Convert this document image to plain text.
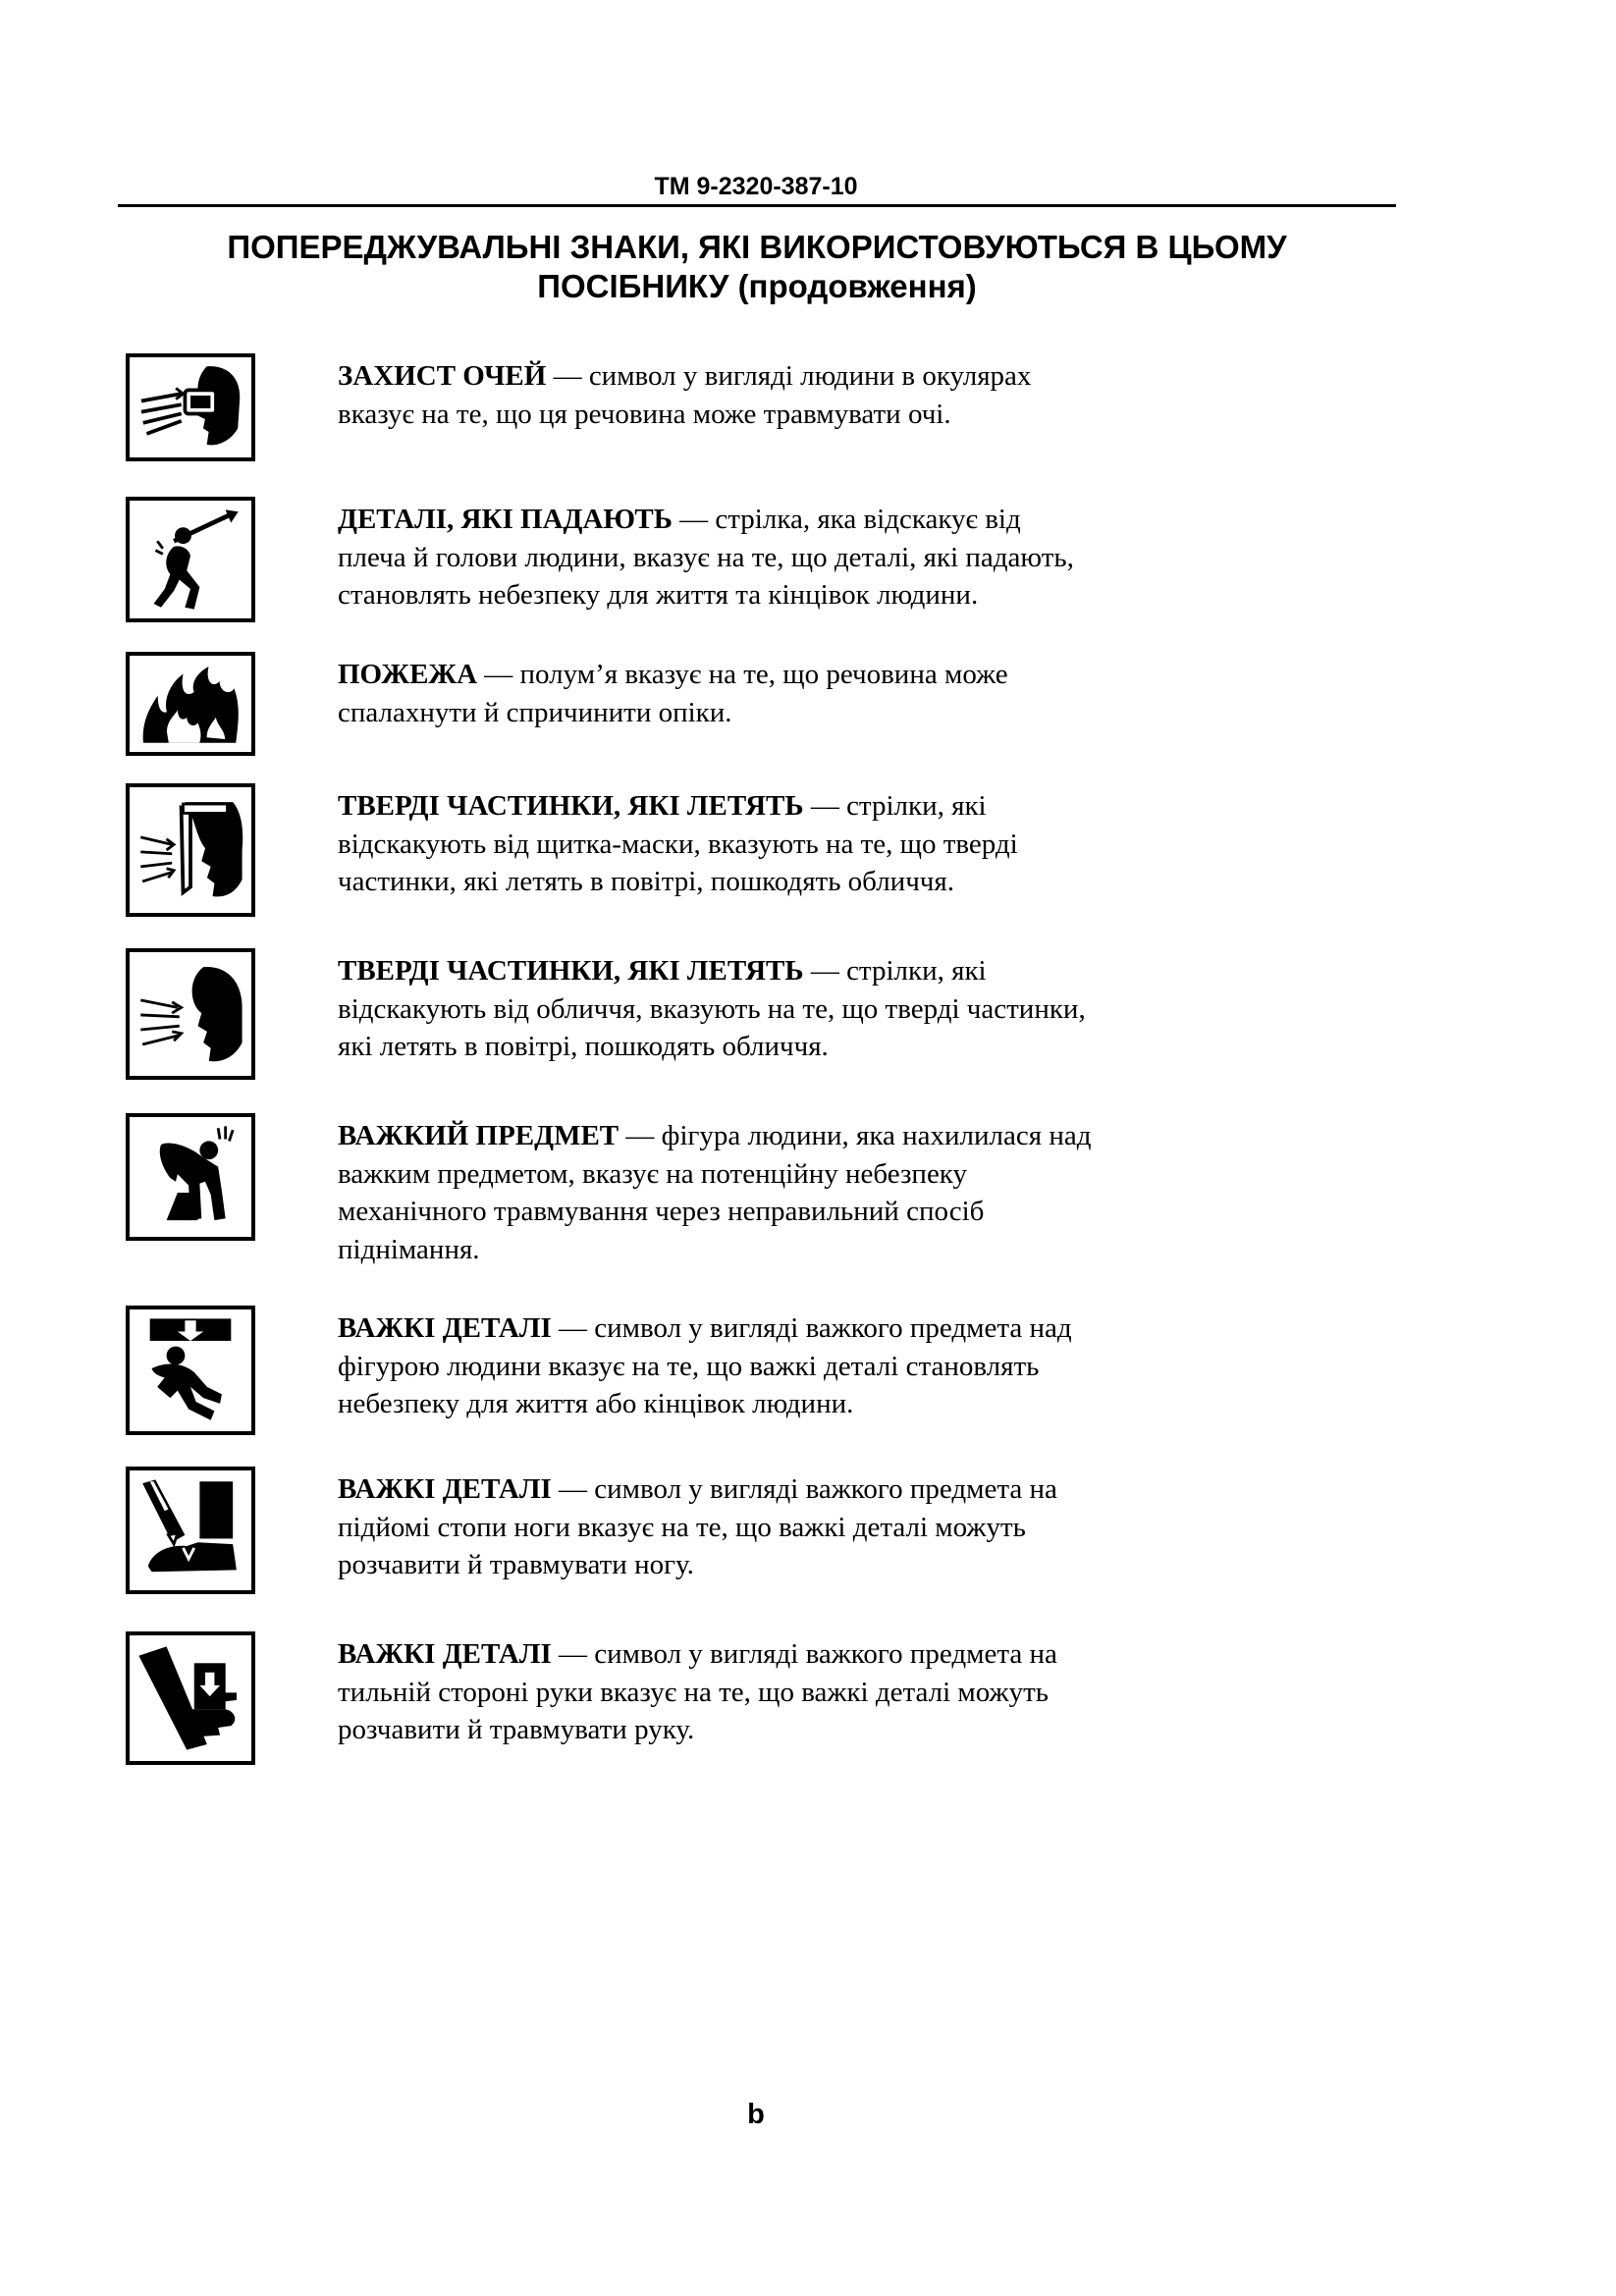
TM 9-2320-387-10
ПОПЕРЕДЖУВАЛЬНІ ЗНАКИ, ЯКІ ВИКОРИСТОВУЮТЬСЯ В ЦЬОМУ
ПОСІБНИКУ (продовження)
ЗАХИСТ ОЧЕЙ — символ у вигляді людини в окулярах
вказує на те, що ця речовина може травмувати очі.
ДЕТАЛІ, ЯКІ ПАДАЮТЬ — стрілка, яка відскакує від
плеча й голови людини, вказує на те, що деталі, які падають,
становлять небезпеку для життя та кінцівок людини.
ПОЖЕЖА — полум’я вказує на те, що речовина може
спалахнути й спричинити опіки.
ТВЕРДІ ЧАСТИНКИ, ЯКІ ЛЕТЯТЬ — стрілки, які
відскакують від щитка-маски, вказують на те, що тверді
частинки, які летять в повітрі, пошкодять обличчя.
ТВЕРДІ ЧАСТИНКИ, ЯКІ ЛЕТЯТЬ — стрілки, які
відскакують від обличчя, вказують на те, що тверді частинки,
які летять в повітрі, пошкодять обличчя.
ВАЖКИЙ ПРЕДМЕТ — фігура людини, яка нахилилася над
важким предметом, вказує на потенційну небезпеку
механічного травмування через неправильний спосіб
піднімання.
ВАЖКІ ДЕТАЛІ — символ у вигляді важкого предмета над
фігурою людини вказує на те, що важкі деталі становлять
небезпеку для життя або кінцівок людини.
ВАЖКІ ДЕТАЛІ — символ у вигляді важкого предмета на
підйомі стопи ноги вказує на те, що важкі деталі можуть
розчавити й травмувати ногу.
ВАЖКІ ДЕТАЛІ — символ у вигляді важкого предмета на
тильній стороні руки вказує на те, що важкі деталі можуть
розчавити й травмувати руку.
b
